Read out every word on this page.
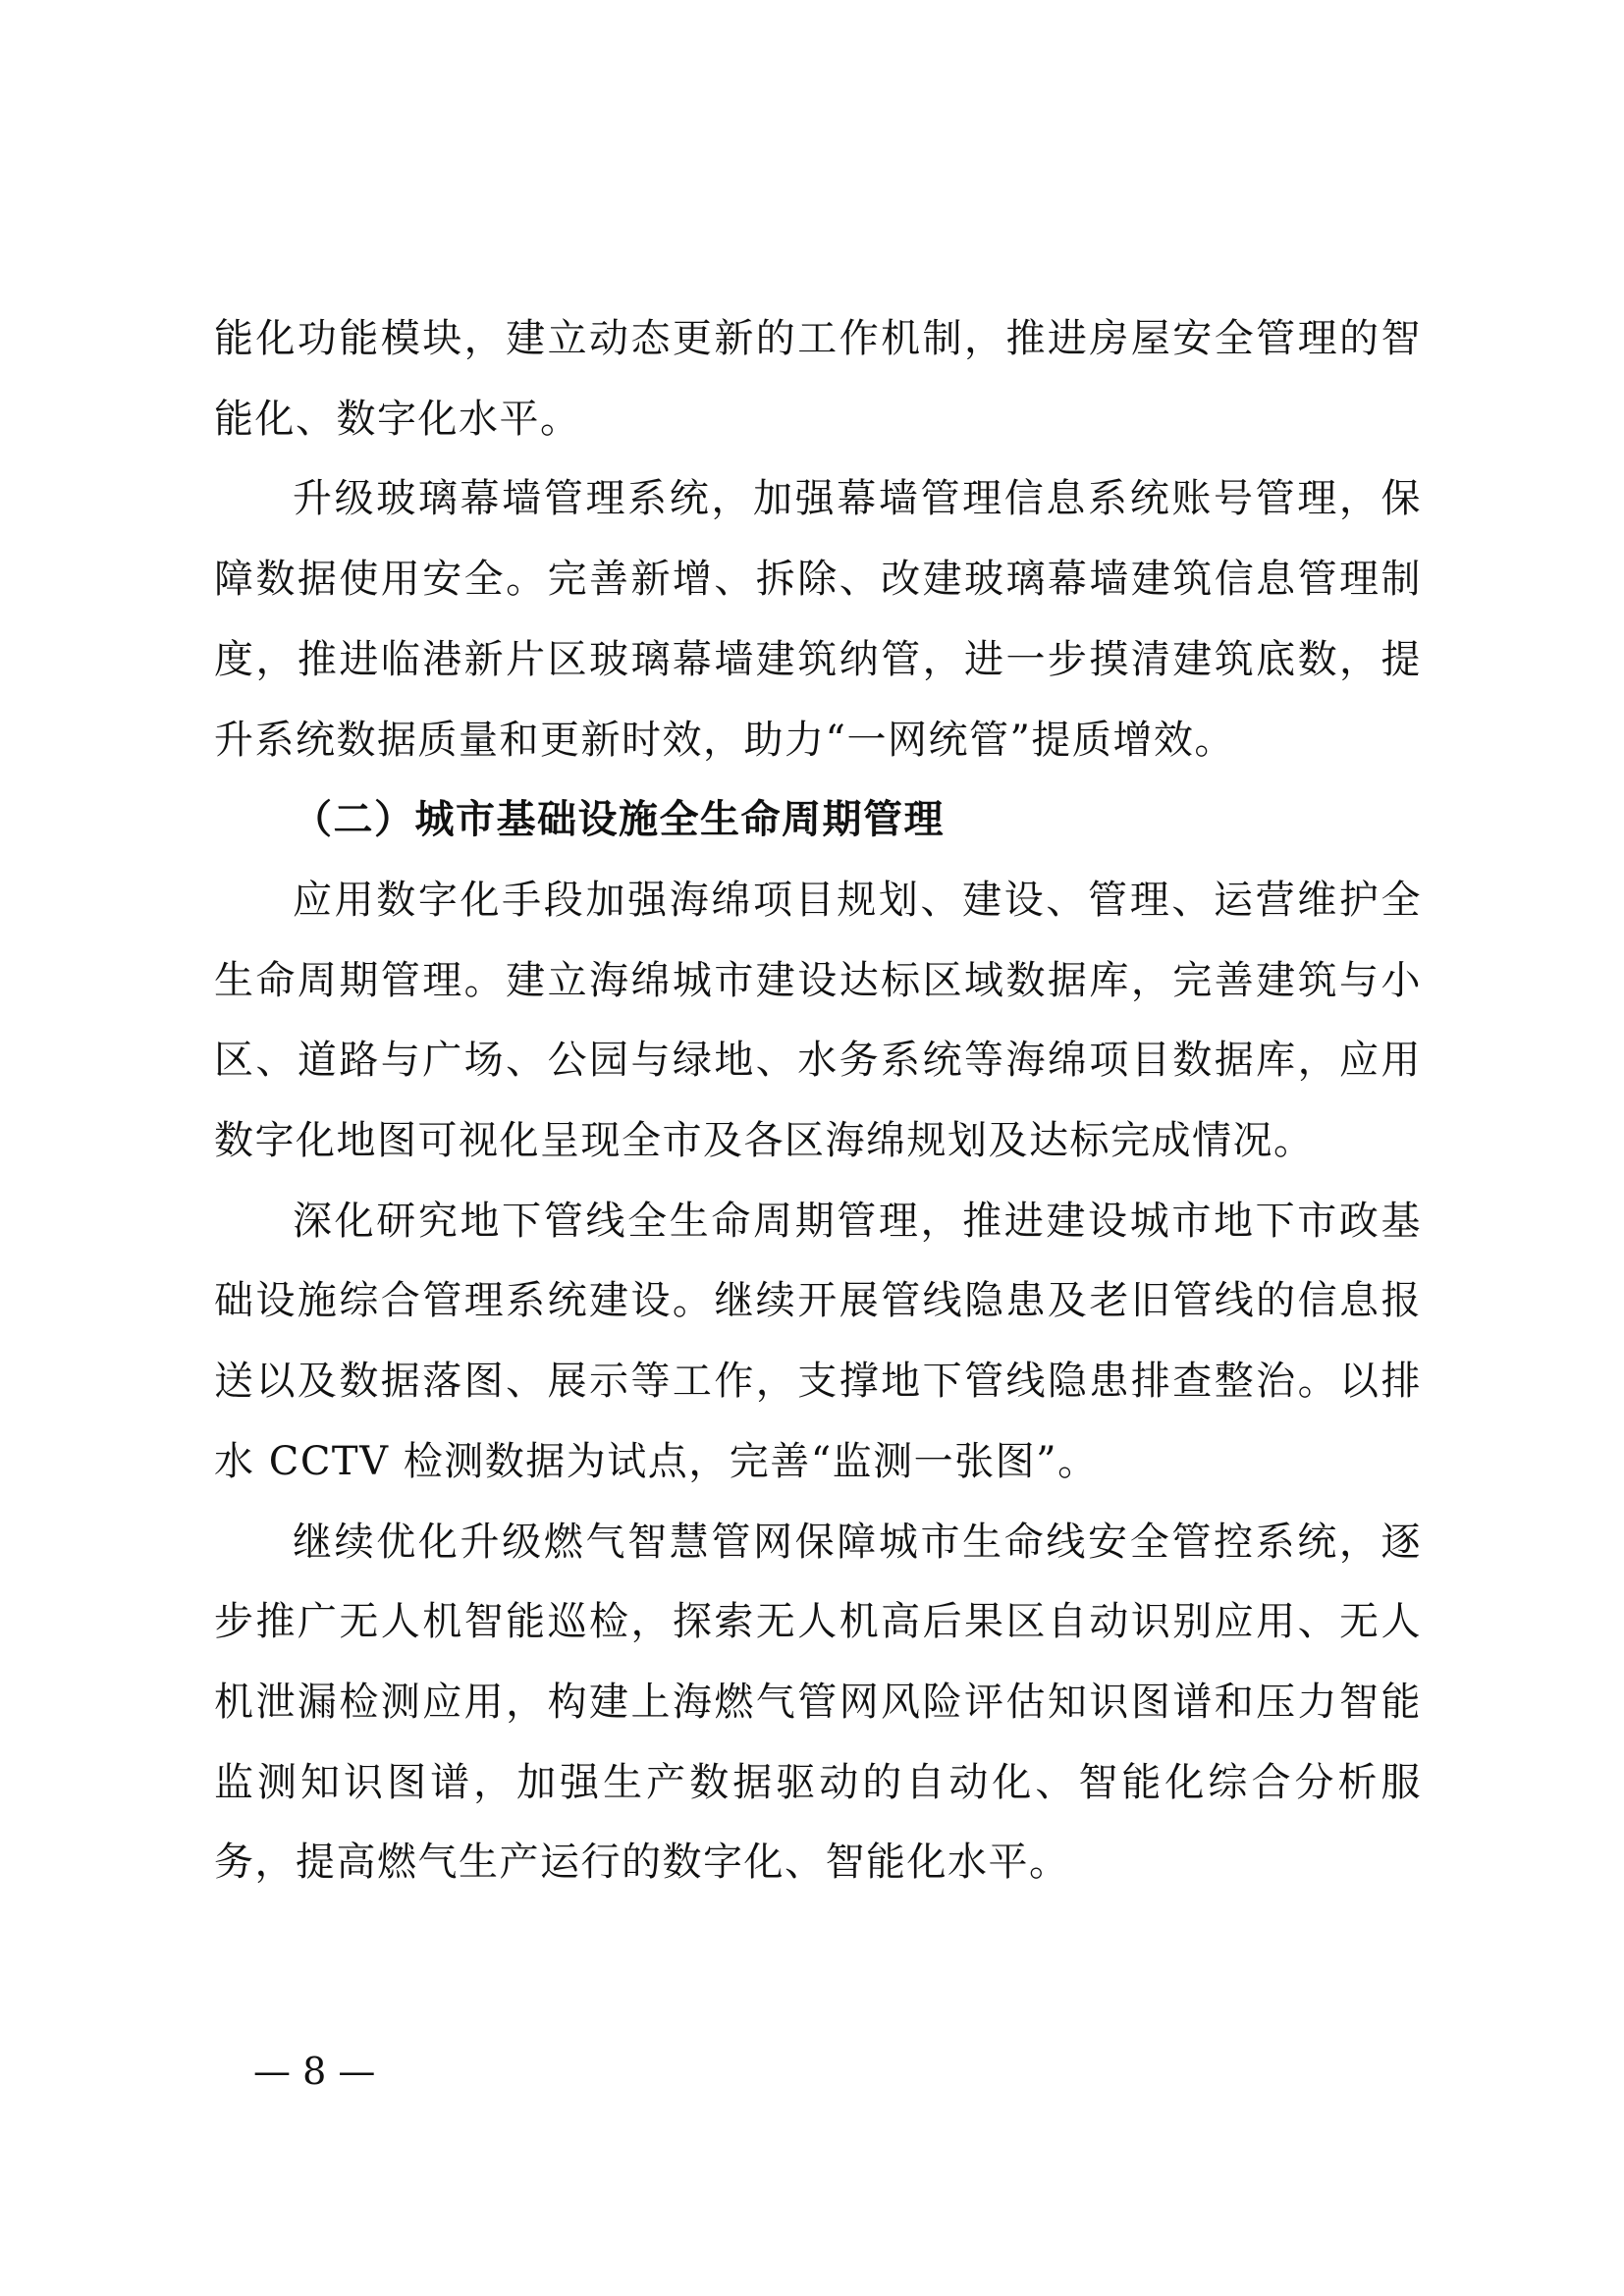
能化功能模块，建立动态更新的工作机制，推进房屋安全管理的智能化、数字化水平。

升级玻璃幕墙管理系统，加强幕墙管理信息系统账号管理，保障数据使用安全。完善新增、拆除、改建玻璃幕墙建筑信息管理制度，推进临港新片区玻璃幕墙建筑纳管，进一步摸清建筑底数，提升系统数据质量和更新时效，助力“一网统管”提质增效。

（二）城市基础设施全生命周期管理

应用数字化手段加强海绵项目规划、建设、管理、运营维护全生命周期管理。建立海绵城市建设达标区域数据库，完善建筑与小区、道路与广场、公园与绿地、水务系统等海绵项目数据库，应用数字化地图可视化呈现全市及各区海绵规划及达标完成情况。

深化研究地下管线全生命周期管理，推进建设城市地下市政基础设施综合管理系统建设。继续开展管线隐患及老旧管线的信息报送以及数据落图、展示等工作，支撑地下管线隐患排查整治。以排水 CCTV 检测数据为试点，完善“监测一张图”。

继续优化升级燃气智慧管网保障城市生命线安全管控系统，逐步推广无人机智能巡检，探索无人机高后果区自动识别应用、无人机泄漏检测应用，构建上海燃气管网风险评估知识图谱和压力智能监测知识图谱，加强生产数据驱动的自动化、智能化综合分析服务，提高燃气生产运行的数字化、智能化水平。

— 8 —
